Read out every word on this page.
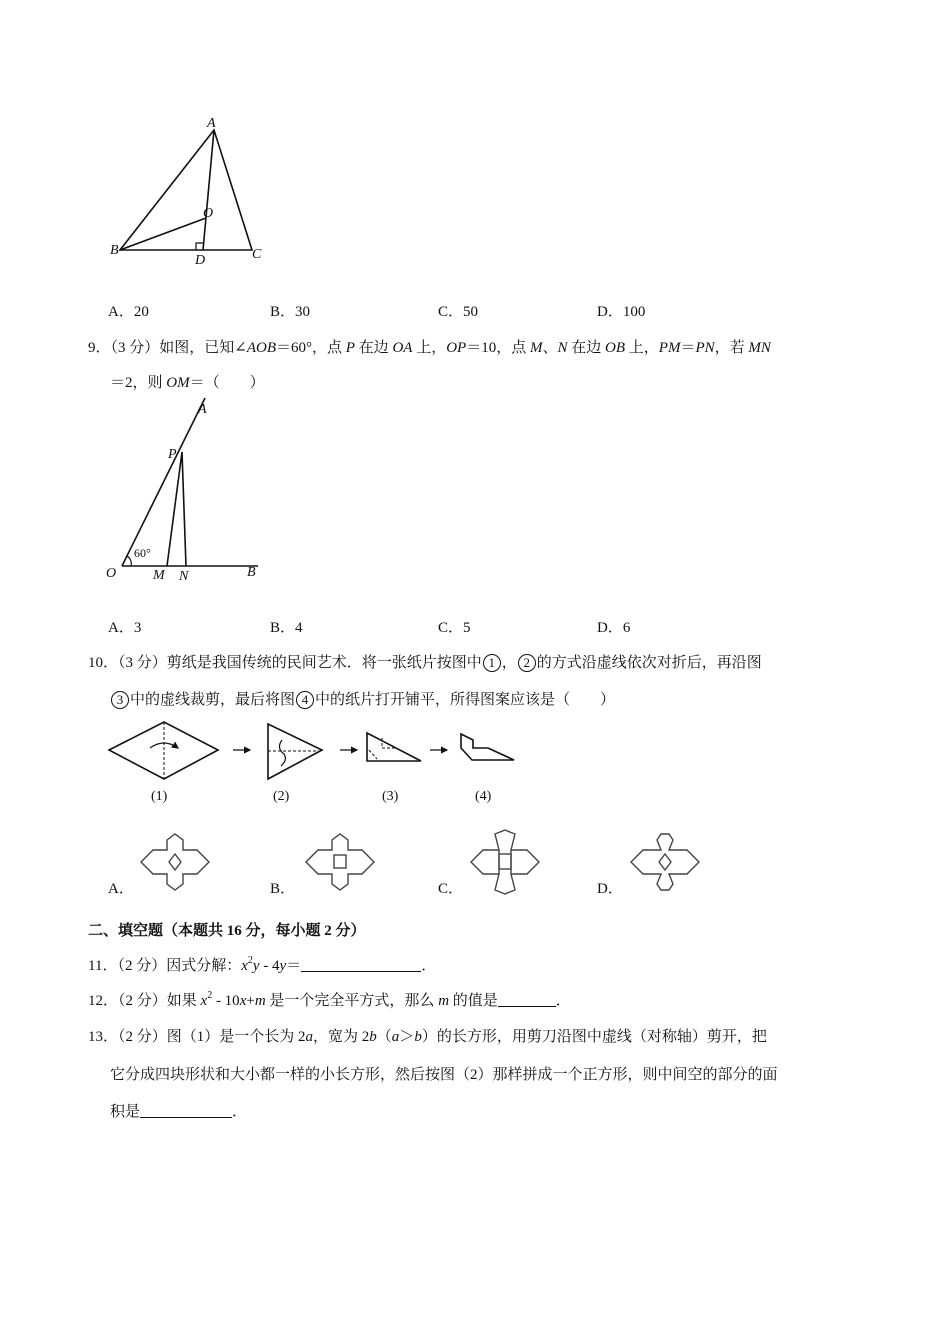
A
O
B
D	C
A．20	B．30	C．50	D．100
9．（3 分）如图，已知∠AOB＝60°，点 P 在边 OA 上，OP＝10，点 M、N 在边 OB 上，PM＝PN，若 MN
＝2，则 OM＝（　　）
A
P
O	M N	B
60°
A．3	B．4	C．5	D．6
10．（3 分）剪纸是我国传统的民间艺术．将一张纸片按图中 1 ， 2 的方式沿虚线依次对折后，再沿图
3 中的虚线裁剪，最后将图 4 中的纸片打开铺平，所得图案应该是（　　）
(1)	(2)	(3)	(4)
A．	B．	C．	D．
二、填空题（本题共 16 分，每小题 2 分）
11．（2 分）因式分解：$x^2y - 4y=$	．
12．（2 分）如果 $x^2 - 10x+m$ 是一个完全平方式，那么 m 的值是	．
13．（2 分）图（1）是一个长为 2a，宽为 2b（a＞b）的长方形，用剪刀沿图中虚线（对称轴）剪开，把
它分成四块形状和大小都一样的小长方形，然后按图（2）那样拼成一个正方形，则中间空的部分的面
积是	．
